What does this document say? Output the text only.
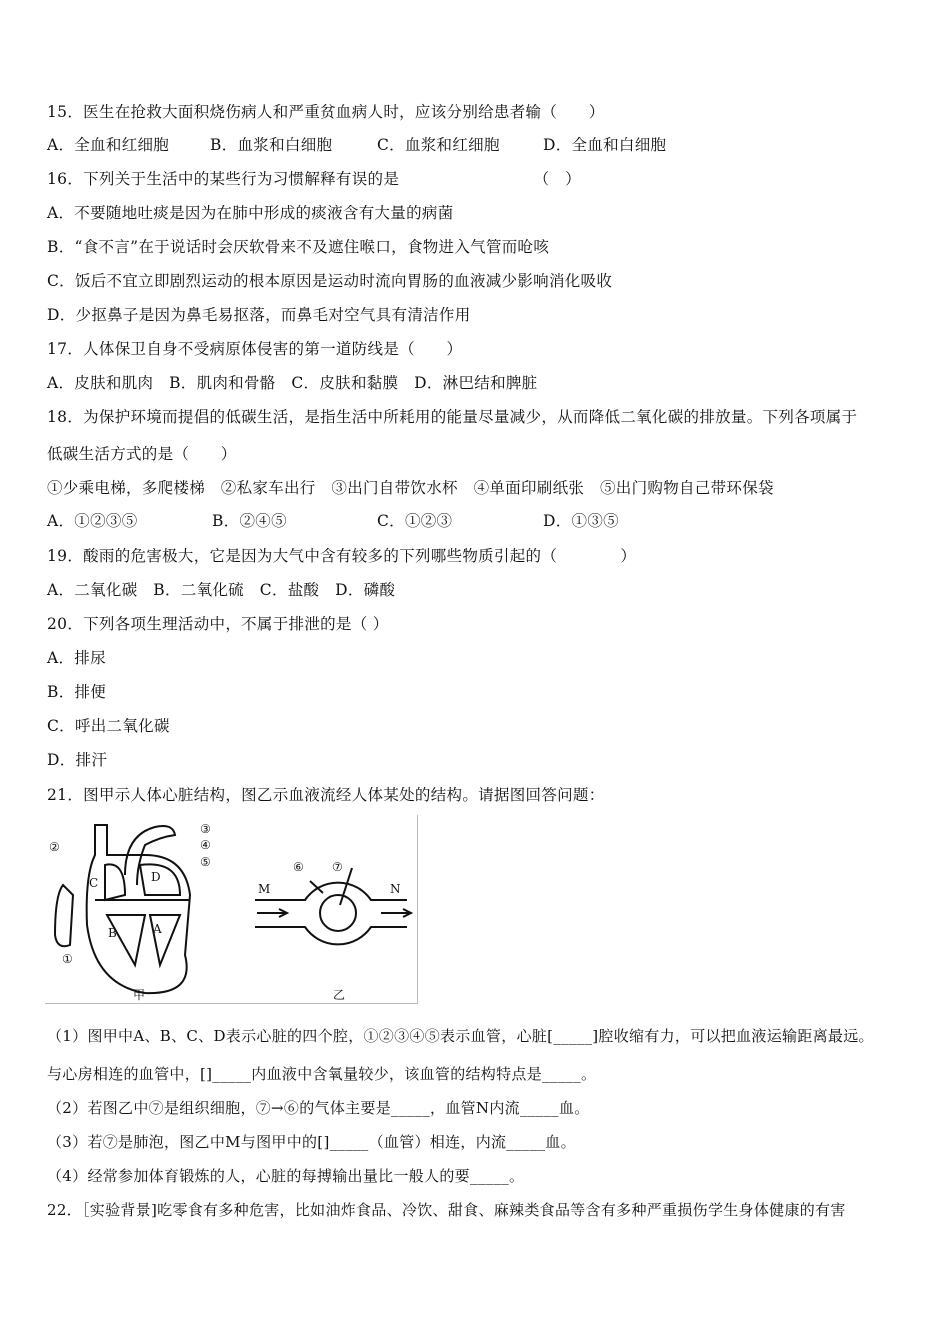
15．医生在抢救大面积烧伤病人和严重贫血病人时，应该分别给患者输（　　）

A．全血和红细胞

	B．血浆和白细胞

	C．血浆和红细胞

	D．全血和白细胞

16．下列关于生活中的某些行为习惯解释有误的是　　　　　　　　　（　）
A．不要随地吐痰是因为在肺中形成的痰液含有大量的病菌
B．“食不言”在于说话时会厌软骨来不及遮住喉口，食物进入气管而呛咳
C．饭后不宜立即剧烈运动的根本原因是运动时流向胃肠的血液减少影响消化吸收
D．少抠鼻子是因为鼻毛易抠落，而鼻毛对空气具有清洁作用
17．人体保卫自身不受病原体侵害的第一道防线是（　　）
A．皮肤和肌肉　B．肌肉和骨骼　C．皮肤和黏膜　D．淋巴结和脾脏
18．为保护环境而提倡的低碳生活，是指生活中所耗用的能量尽量减少，从而降低二氧化碳的排放量。下列各项属于
低碳生活方式的是（　　）
①少乘电梯，多爬楼梯　②私家车出行　③出门自带饮水杯　④单面印刷纸张　⑤出门购物自己带环保袋

A．①②③⑤

	B．②④⑤

	C．①②③

	D．①③⑤

19．酸雨的危害极大，它是因为大气中含有较多的下列哪些物质引起的（　　　　）
A．二氧化碳　B．二氧化硫　C．盐酸　D．磷酸
20．下列各项生理活动中，不属于排泄的是（ ）
A．排尿
B．排便
C．呼出二氧化碳
D．排汗
21．图甲示人体心脏结构，图乙示血液流经人体某处的结构。请据图回答问题：
①
②
③
④
⑤
A
B
C	D
甲
⑥ ⑦
M	N
乙
（1）图甲中A、B、C、D表示心脏的四个腔，①②③④⑤表示血管，心脏[_____]腔收缩有力，可以把血液运输距离最远。
与心房相连的血管中，[]_____内血液中含氧量较少，该血管的结构特点是_____。
（2）若图乙中⑦是组织细胞，⑦→⑥的气体主要是_____，血管N内流_____血。
（3）若⑦是肺泡，图乙中M与图甲中的[]_____（血管）相连，内流_____血。
（4）经常参加体育锻炼的人，心脏的每搏输出量比一般人的要_____。
22．［实验背景]吃零食有多种危害，比如油炸食品、冷饮、甜食、麻辣类食品等含有多种严重损伤学生身体健康的有害
